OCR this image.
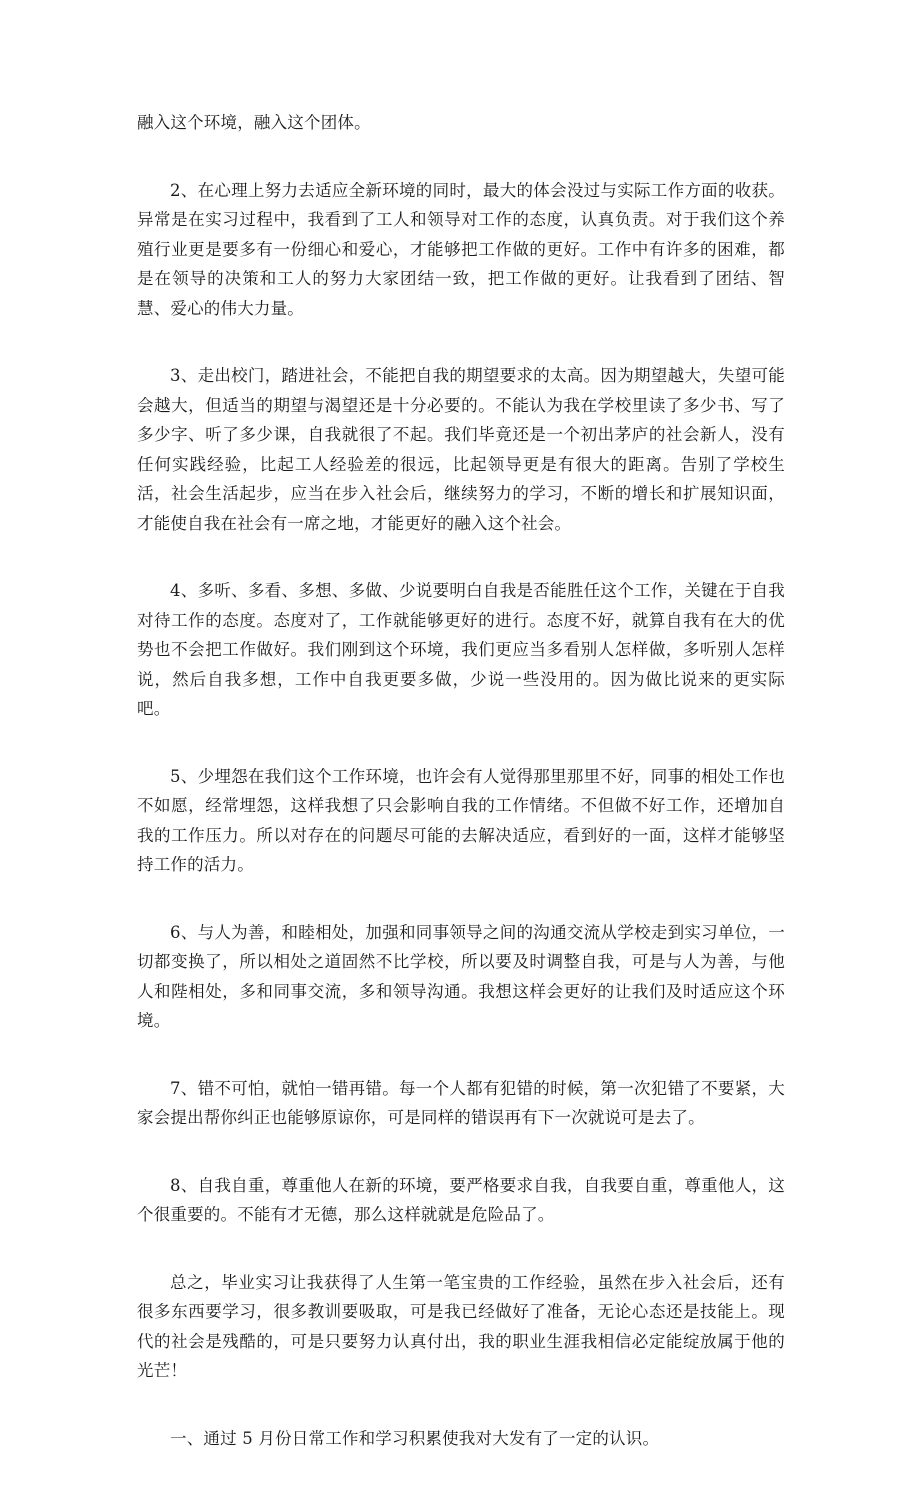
融入这个环境，融入这个团体。

2、在心理上努力去适应全新环境的同时，最大的体会没过与实际工作方面的收获。异常是在实习过程中，我看到了工人和领导对工作的态度，认真负责。对于我们这个养殖行业更是要多有一份细心和爱心，才能够把工作做的更好。工作中有许多的困难，都是在领导的决策和工人的努力大家团结一致，把工作做的更好。让我看到了团结、智慧、爱心的伟大力量。

3、走出校门，踏进社会，不能把自我的期望要求的太高。因为期望越大，失望可能会越大，但适当的期望与渴望还是十分必要的。不能认为我在学校里读了多少书、写了多少字、听了多少课，自我就很了不起。我们毕竟还是一个初出茅庐的社会新人，没有任何实践经验，比起工人经验差的很远，比起领导更是有很大的距离。告别了学校生活，社会生活起步，应当在步入社会后，继续努力的学习，不断的增长和扩展知识面，才能使自我在社会有一席之地，才能更好的融入这个社会。

4、多听、多看、多想、多做、少说要明白自我是否能胜任这个工作，关键在于自我对待工作的态度。态度对了，工作就能够更好的进行。态度不好，就算自我有在大的优势也不会把工作做好。我们刚到这个环境，我们更应当多看别人怎样做，多听别人怎样说，然后自我多想，工作中自我更要多做，少说一些没用的。因为做比说来的更实际吧。

5、少埋怨在我们这个工作环境，也许会有人觉得那里那里不好，同事的相处工作也不如愿，经常埋怨，这样我想了只会影响自我的工作情绪。不但做不好工作，还增加自我的工作压力。所以对存在的问题尽可能的去解决适应，看到好的一面，这样才能够坚持工作的活力。

6、与人为善，和睦相处，加强和同事领导之间的沟通交流从学校走到实习单位，一切都变换了，所以相处之道固然不比学校，所以要及时调整自我，可是与人为善，与他人和陛相处，多和同事交流，多和领导沟通。我想这样会更好的让我们及时适应这个环境。

7、错不可怕，就怕一错再错。每一个人都有犯错的时候，第一次犯错了不要紧，大家会提出帮你纠正也能够原谅你，可是同样的错误再有下一次就说可是去了。

8、自我自重，尊重他人在新的环境，要严格要求自我，自我要自重，尊重他人，这个很重要的。不能有才无德，那么这样就就是危险品了。

总之，毕业实习让我获得了人生第一笔宝贵的工作经验，虽然在步入社会后，还有很多东西要学习，很多教训要吸取，可是我已经做好了准备，无论心态还是技能上。现代的社会是残酷的，可是只要努力认真付出，我的职业生涯我相信必定能绽放属于他的光芒！

一、通过 5 月份日常工作和学习积累使我对大发有了一定的认识。
